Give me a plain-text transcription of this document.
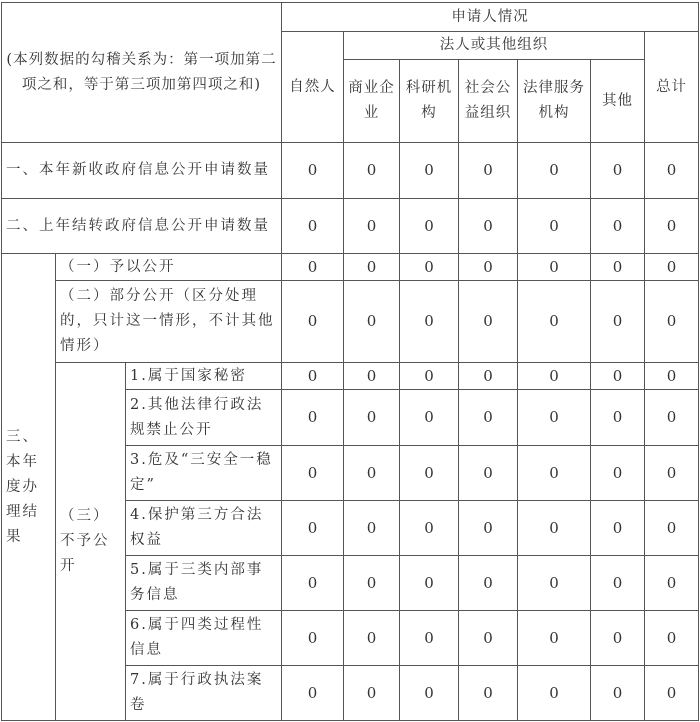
(本列数据的勾稽关系为：第一项加第二项之和，等于第三项加第四项之和)			申请人情况						
			自然人	法人或其他组织					总计
				商业企业	科研机构	社会公益组织	法律服务机构	其他	
一、本年新收政府信息公开申请数量			0	0	0	0	0	0	0
二、上年结转政府信息公开申请数量			0	0	0	0	0	0	0
三、本年度办理结果	（一）予以公开		0	0	0	0	0	0	0
	（二）部分公开（区分处理的，只计这一情形，不计其他情形）		0	0	0	0	0	0	0
	（三）不予公开	1.属于国家秘密	0	0	0	0	0	0	0
		2.其他法律行政法规禁止公开	0	0	0	0	0	0	0
		3.危及“三安全一稳定”	0	0	0	0	0	0	0
		4.保护第三方合法权益	0	0	0	0	0	0	0
		5.属于三类内部事务信息	0	0	0	0	0	0	0
		6.属于四类过程性信息	0	0	0	0	0	0	0
		7.属于行政执法案卷	0	0	0	0	0	0	0
